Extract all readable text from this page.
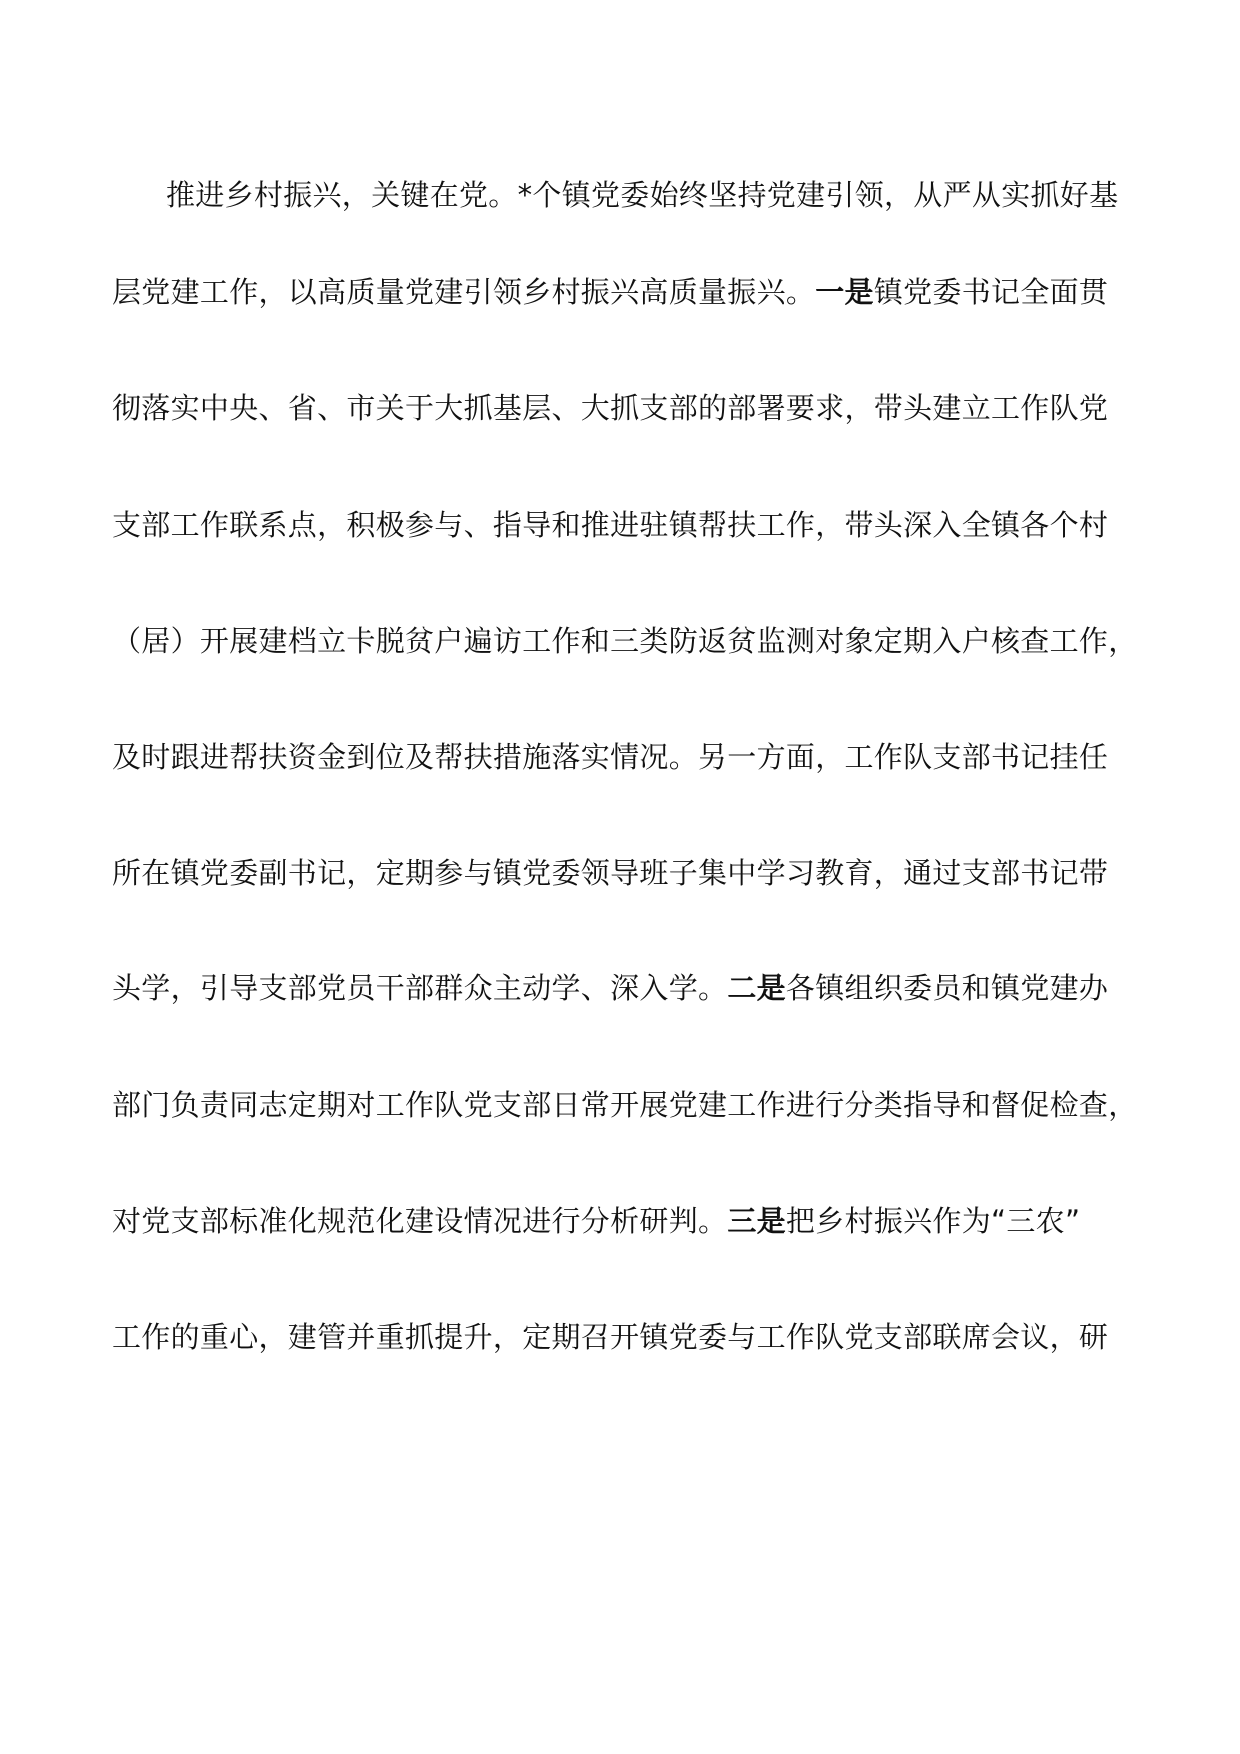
推进乡村振兴，关键在党。*个镇党委始终坚持党建引领，从严从实抓好基
层党建工作，以高质量党建引领乡村振兴高质量振兴。一是镇党委书记全面贯
彻落实中央、省、市关于大抓基层、大抓支部的部署要求，带头建立工作队党
支部工作联系点，积极参与、指导和推进驻镇帮扶工作，带头深入全镇各个村
（居）开展建档立卡脱贫户遍访工作和三类防返贫监测对象定期入户核查工作，
及时跟进帮扶资金到位及帮扶措施落实情况。另一方面，工作队支部书记挂任
所在镇党委副书记，定期参与镇党委领导班子集中学习教育，通过支部书记带
头学，引导支部党员干部群众主动学、深入学。二是各镇组织委员和镇党建办
部门负责同志定期对工作队党支部日常开展党建工作进行分类指导和督促检查，
对党支部标准化规范化建设情况进行分析研判。三是把乡村振兴作为“三农”
工作的重心，建管并重抓提升，定期召开镇党委与工作队党支部联席会议，研
